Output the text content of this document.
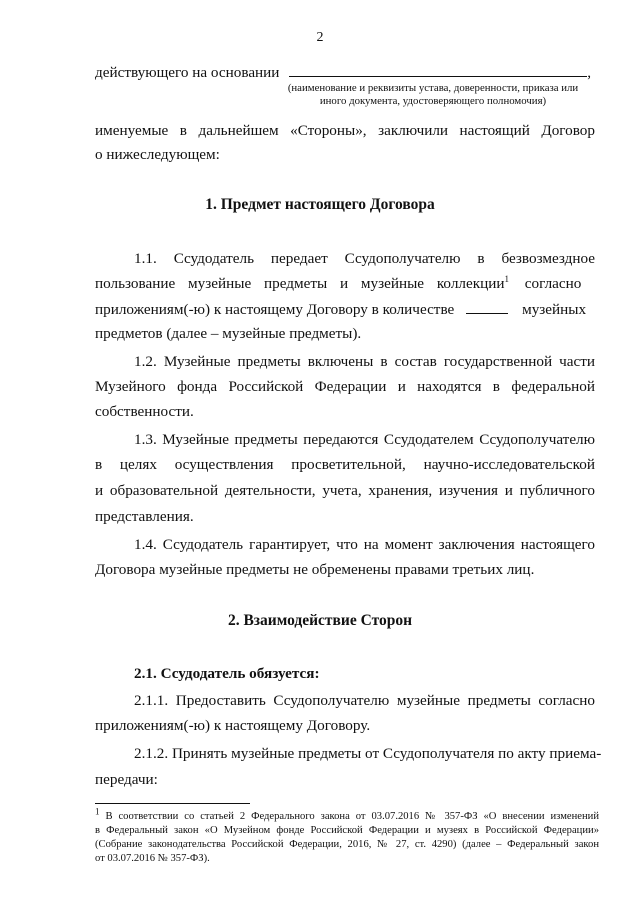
2
действующего на основании	,
(наименование и реквизиты устава, доверенности, приказа или
иного документа, удостоверяющего полномочия)
именуемые в дальнейшем «Стороны», заключили настоящий Договор
о нижеследующем:
1. Предмет настоящего Договора
1.1. Ссудодатель передает Ссудополучателю в безвозмездное
пользование музейные предметы и музейные коллекции$^1$ согласно
приложениям(-ю) к настоящему Договору в количестве	музейных
предметов (далее – музейные предметы).
1.2. Музейные предметы включены в состав государственной части
Музейного фонда Российской Федерации и находятся в федеральной
собственности.
1.3. Музейные предметы передаются Ссудодателем Ссудополучателю
в целях осуществления просветительной, научно-исследовательской
и образовательной деятельности, учета, хранения, изучения и публичного
представления.
1.4. Ссудодатель гарантирует, что на момент заключения настоящего
Договора музейные предметы не обременены правами третьих лиц.
2. Взаимодействие Сторон
2.1. Ссудодатель обязуется:
2.1.1. Предоставить Ссудополучателю музейные предметы согласно
приложениям(-ю) к настоящему Договору.
2.1.2. Принять музейные предметы от Ссудополучателя по акту приема-
передачи:
$^1$ В соответствии со статьей 2 Федерального закона от 03.07.2016 № 357-ФЗ «О внесении изменений
в Федеральный закон «О Музейном фонде Российской Федерации и музеях в Российской Федерации»
(Собрание законодательства Российской Федерации, 2016, № 27, ст. 4290) (далее – Федеральный закон
от 03.07.2016 № 357-ФЗ).
